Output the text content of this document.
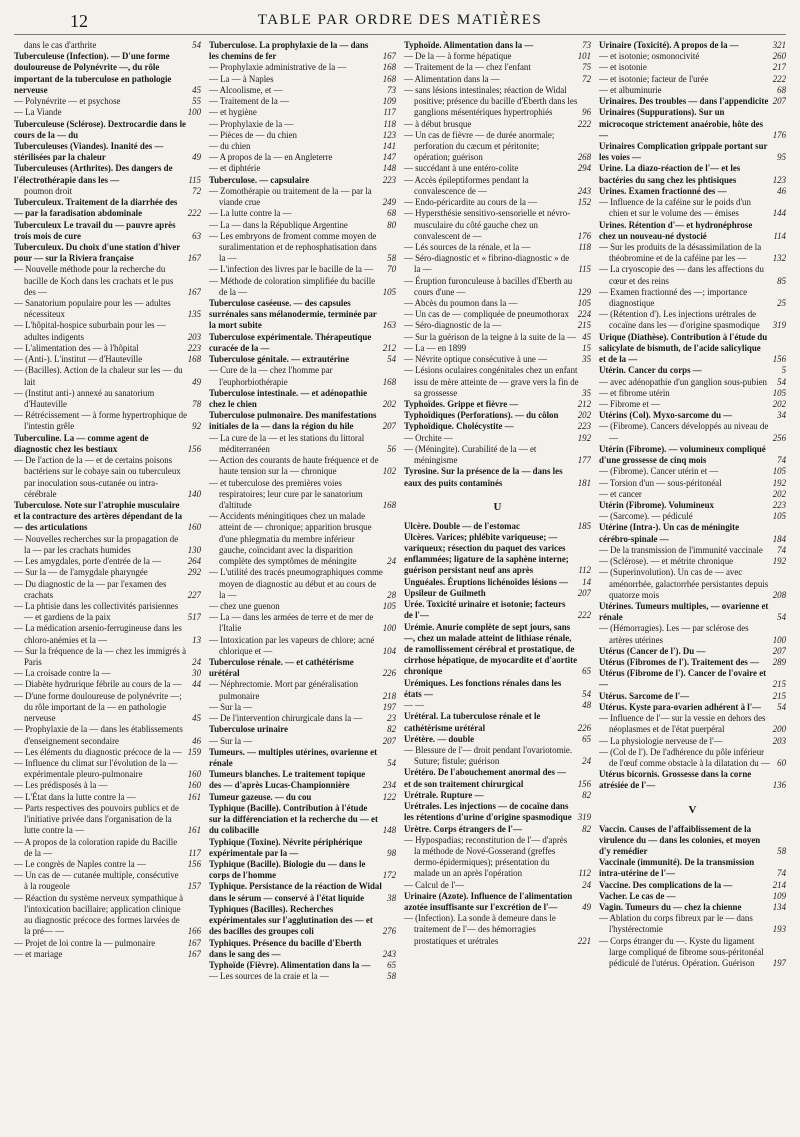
12	TABLE PAR ORDRE DES MATIÈRES
dans le cas d'arthrite	54
Tuberculeuse (Infection). — D'une forme douloureuse de Polynévrite —, du rôle important de la tuberculose en pathologie nerveuse	45
— Polynévrite — et psychose	55
— La Viande	100
Tuberculeuse (Sclérose). Dextrocardie dans le cours de la — du
Tuberculeuses (Viandes). Inanité des — stérilisées par la chaleur	49
Tuberculeuses (Arthrites). Des dangers de l'électrothérapie dans les —	115
poumon droit	72
Tuberculeux. Traitement de la diarrhée des — par la faradisation abdominale	222
Tuberculeux Le travail du — pauvre après trois mois de cure	63
Tuberculeux. Du choix d'une station d'hiver pour — sur la Riviera française	167
— Nouvelle méthode pour la recherche du bacille de Koch dans les crachats et le pus des —	167
— Sanatorium populaire pour les — adultes nécessiteux	135
— L'hôpital-hospice suburbain pour les — adultes indigents	203
— L'alimentation des — à l'hôpital	223
— (Anti-). L'institut — d'Hauteville	168
— (Bacilles). Action de la chaleur sur les — du lait	49
— (Institut anti-) annexé au sanatorium d'Hauteville	78
— Rétrécissement — à forme hypertrophique de l'intestin grêle	92
Tuberculine. La — comme agent de diagnostic chez les bestiaux	156
— De l'action de la — et de certains poisons bactériens sur le cobaye sain ou tuberculeux par inoculation sous-cutanée ou intra-cérébrale	140
Tuberculose. Note sur l'atrophie musculaire et la contracture des artères dépendant de la — des articulations	160
— Nouvelles recherches sur la propagation de la — par les crachats humides	130
— Les amygdales, porte d'entrée de la —	264
— Sur la — de l'amygdale pharyngée	292
— Du diagnostic de la — par l'examen des crachats	227
— La phtisie dans les collectivités parisiennes — et gardiens de la paix	517
— La médication arsenio-ferrugineuse dans les chloro-anémies et la —	13
— Sur la fréquence de la — chez les immigrés à Paris	24
— La croisade contre la —	30
— Diabète hydrurique fébrile au cours de la —	44
— D'une forme douloureuse de polynévrite —; du rôle important de la — en pathologie nerveuse	45
— Prophylaxie de la — dans les établissements d'enseignement secondaire	46
— Les éléments du diagnostic précoce de la — 159
— Influence du climat sur l'évolution de la — expérimentale pleuro-pulmonaire	160
— Les prédisposés à la —	160
— L'État dans la lutte contre la —	161
— Parts respectives des pouvoirs publics et de l'initiative privée dans l'organisation de la lutte contre la —	161
— A propos de la coloration rapide du Bacille de la —	117
— Le congrès de Naples contre la —	156
— Un cas de — cutanée multiple, consécutive à la rougeole	157
— Réaction du système nerveux sympathique à l'intoxication bacillaire; application clinique au diagnostic précoce des formes larvées de la pré— —	166
— Projet de loi contre la — pulmonaire	167
— et mariage	167
Tuberculose. La prophylaxie de la — dans les chemins de fer	167
— Prophylaxie administrative de la —	168
— La — à Naples	168
— Alcoolisme, et —	73
— Traitement de la —	109
— et hygiène	117
— Prophylaxie de la —	118
— Pièces de — du chien	123
— du chien	141
— A propos de la — en Angleterre	147
— et diphtérie	148
Tuberculose. — capsulaire	223
— Zomothérapie ou traitement de la — par la viande crue	249
— La lutte contre la —	68
— La — dans la République Argentine	80
— Les embryons de froment comme moyen de suralimentation et de rephosphatisation dans la —	58
— L'infection des livres par le bacille de la —	70
— Méthode de coloration simplifiée du bacille de la —	105
Tuberculose caséeuse. — des capsules surrénales sans mélanodermie, terminée par la mort subite	163
Tuberculose expérimentale. Thérapeutique curacée de la —	212
Tuberculose génitale. — extrautérine	54
— Cure de la — chez l'homme par l'euphorbiothérapie	168
Tuberculose intestinale. — et adénopathie chez le chien	202
Tuberculose pulmonaire. Des manifestations initiales de la — dans la région du hile	207
— La cure de la — et les stations du littoral méditerranéen	56
— Action des courants de haute fréquence et de haute tension sur la — chronique	102
— et tuberculose des premières voies respiratoires; leur cure par le sanatorium d'altitude	168
— Accidents méningitiques chez un malade atteint de — chronique; apparition brusque d'une phlegmatia du membre inférieur gauche, coïncidant avec la disparition complète des symptômes de méningite	24
— L'utilité des tracés pneumographiques comme moyen de diagnostic au début et au cours de la —	28
— chez une guenon	105
— La — dans les armées de terre et de mer de l'Italie	100
— Intoxication par les vapeurs de chlore; acné chlorique et —	104
Tuberculose rénale. — et cathétérisme urétéral	226
— Néphrectomie. Mort par généralisation pulmonaire	218
— Sur la —	197
— De l'intervention chirurgicale dans la —	23
Tuberculose urinaire	82
— Sur la —	207
Tumeurs. — multiples utérines, ovarienne et rénale	54
Tumeurs blanches. Le traitement topique des — d'après Lucas-Championnière	234
Tumeur gazeuse. — du cou	122
Typhique (Bacille). Contribution à l'étude sur la différenciation et la recherche du — et du colibacille	148
Typhique (Toxine). Névrite périphérique expérimentale par la —	98
Typhique (Bacille). Biologie du — dans le corps de l'homme	172
Typhique. Persistance de la réaction de Widal dans le sérum — conservé à l'état liquide	38
Typhiques (Bacilles). Recherches expérimentales sur l'agglutination des — et des bacilles des groupes coli	276
Typhiques. Présence du bacille d'Eberth dans le sang des —	243
Typhoïde (Fièvre). Alimentation dans la —	65
— Les sources de la craie et la —	58
Typhoïde. Alimentation dans la —	73
— De la — à forme hépatique	101
— Traitement de la — chez l'enfant	75
— Alimentation dans la —	72
— sans lésions intestinales; réaction de Widal positive; présence du bacille d'Eberth dans les ganglions mésentériques hypertrophiés	96
— à début brusque	222
— Un cas de fièvre — de durée anormale; perforation du cæcum et péritonite; opération; guérison	268
— succédant à une entéro-colite	294
— Accès épileptiformes pendant la convalescence de —	243
— Endo-péricardite au cours de la —	152
— Hypersthésie sensitivo-sensorielle et névro-musculaire du côté gauche chez un convalescent de —	176
— Lés sources de la rénale, et la —	118
— Séro-diagnostic et « fibrino-diagnostic » de la —	115
— Éruption furonculeuse à bacilles d'Eberth au cours d'une —	129
— Abcès du poumon dans la —	105
— Un cas de — compliquée de pneumothorax 224
— Séro-diagnostic de la —	215
— Sur la guérison de la teigne à la suite de la — 45
— La — en 1899	15
— Névrite optique consécutive à une —	35
— Lésions oculaires congénitales chez un enfant issu de mère atteinte de — grave vers la fin de sa grossesse	35
Typhoïdes. Grippe et fièvre —	212
Typhoïdiques (Perforations). — du côlon	202
Typhoïdique. Cholécystite —	223
— Orchite —	192
— (Méningite). Curabilité de la — et méningisme	177
Tyrosine. Sur la présence de la — dans les eaux des puits contaminés	181
U
Ulcère. Double — de l'estomac	185
Ulcères. Varices; phlébite variqueuse; — variqueux; résection du paquet des varices enflammées; ligature de la saphène interne; guérison persistant neuf ans après	112
Unguéales. Éruptions lichénoïdes lésions —	14
Upsileur de Guilmeth	207
Urée. Toxicité urinaire et isotonie; facteurs de l'—	222
Urémie. Anurie complète de sept jours, sans —, chez un malade atteint de lithiase rénale, de ramollissement cérébral et prostatique, de cirrhose hépatique, de myocardite et d'aortite chronique	65
Urémiques. Les fonctions rénales dans les états —	54
— —	48
Urétéral. La tuberculose rénale et le cathétérisme urétéral	226
Urétère. — double	65
— Blessure de l'— droit pendant l'ovariotomie. Suture; fistule; guérison	24
Urétéro. De l'abouchement anormal des — et de son traitement chirurgical	156
Urétrale. Rupture —	82
Urétrales. Les injections — de cocaïne dans les rétentions d'urine d'origine spasmodique 319
Urètre. Corps étrangers de l'—	82
— Hypospadias; reconstitution de l'— d'après la méthode de Nové-Gosserand (greffes dermo-épidermiques); présentation du malade un an après l'opération	112
— Calcul de l'—	24
Urinaire (Azote). Influence de l'alimentation azotée insuffisante sur l'excrétion de l'—	49
— (Infection). La sonde à demeure dans le traitement de l'— des hémorragies prostatiques et urétrales	221
Urinaire (Toxicité). A propos de la —	321
— et isotonie; osmonocivité	260
— et isotonie	217
— et isotonie; facteur de l'urée	222
— et albuminurie	68
Urinaires. Des troubles — dans l'appendicite 207
Urinaires (Suppurations). Sur un microcoque strictement anaérobie, hôte des —	176
Urinaires Complication grippale portant sur les voies —	95
Urine. La diazo-réaction de l'— et les bactéries du sang chez les phtisiques	123
Urines. Examen fractionné des —	46
— Influence de la caféine sur le poids d'un chien et sur le volume des — émises	144
Urines. Rétention d'— et hydronéphrose chez un nouveau-né dystocié	114
— Sur les produits de la désassimilation de la théobromine et de la caféine par les —	132
— La cryoscopie des — dans les affections du cœur et des reins	85
— Examen fractionné des —; importance diagnostique	25
— (Rétention d'). Les injections urétrales de cocaïne dans les — d'origine spasmodique	319
Urique (Diathèse). Contribution à l'étude du salicylate de bismuth, de l'acide salicylique et de la —	156
Utérin. Cancer du corps —	5
— avec adénopathie d'un ganglion sous-pubien	54
— et fibrome utérin	105
— Fibrome et —	202
Utérins (Col). Myxo-sarcome du —	34
— (Fibrome). Cancers développés au niveau de —	256
Utérin (Fibrome). — volumineux compliqué d'une grossesse de cinq mois	74
— (Fibrome). Cancer utérin et —	105
— Torsion d'un — sous-péritonéal	192
— et cancer	202
Utérin (Fibrome). Volumineux	223
— (Sarcome). — pédiculé	105
Utérine (Intra-). Un cas de méningite cérébro-spinale —	184
— De la transmission de l'immunité vaccinale	74
— (Sclérose). — et métrite chronique	192
— (Superinvolution). Un cas de — avec aménorrhée, galactorrhée persistantes depuis quatorze mois	208
Utérines. Tumeurs multiples, — ovarienne et rénale	54
— (Hémorragies). Les — par sclérose des artères utérines	100
Utérus (Cancer de l'). Du —	207
Utérus (Fibromes de l'). Traitement des —	289
Utérus (Fibrome de l'). Cancer de l'ovaire et —	215
Utérus. Sarcome de l'—	215
Utérus. Kyste para-ovarien adhérent à l'—	54
— Influence de l'— sur la vessie en dehors des néoplasmes et de l'état puerpéral	200
— La physiologie nerveuse de l'—	203
— (Col de l'). De l'adhérence du pôle inférieur de l'œuf comme obstacle à la dilatation du — 60
Utérus bicornis. Grossesse dans la corne atrésiée de l'—	136
V
Vaccin. Causes de l'affaiblissement de la virulence du — dans les colonies, et moyen d'y remédier	58
Vaccinale (immunité). De la transmission intra-utérine de l'—	74
Vaccine. Des complications de la —	214
Vacher. Le cas de —	109
Vagin. Tumeurs du — chez la chienne	134
— Ablation du corps fibreux par le — dans l'hystérectomie	193
— Corps étranger du —. Kyste du ligament large compliqué de fibrome sous-péritonéal pédiculé de l'utérus. Opération. Guérison	197
